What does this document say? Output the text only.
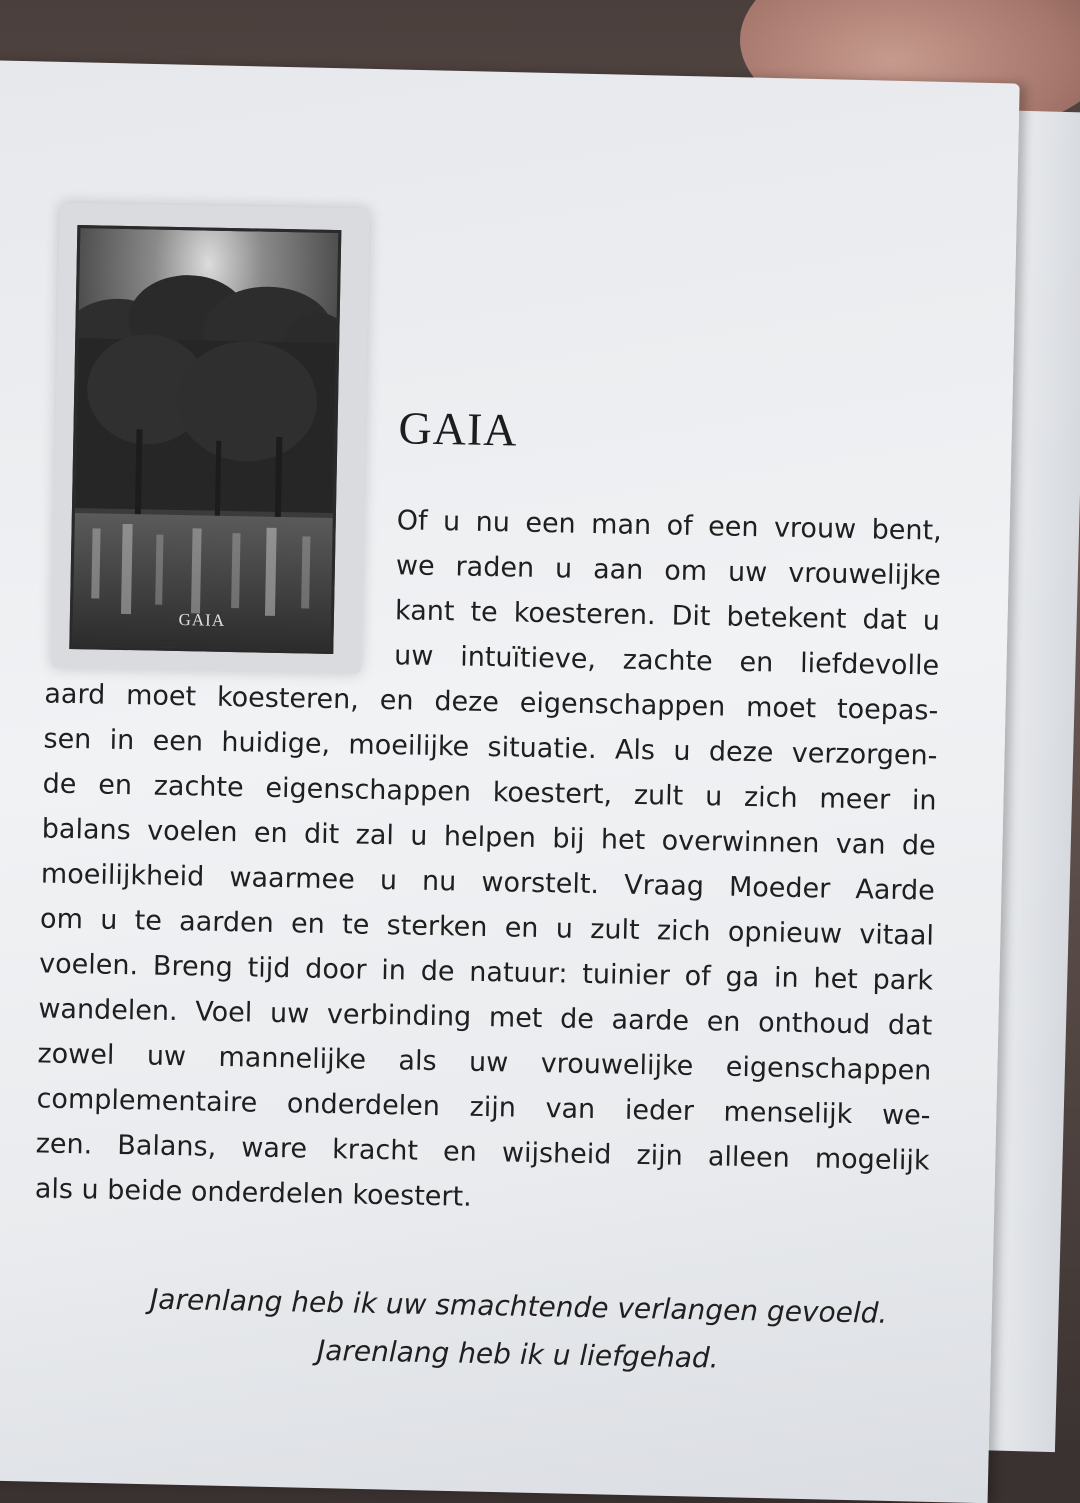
GAIA
GAIA

Of u nu een man of een vrouw bent,

we raden u aan om uw vrouwelijke

kant te koesteren. Dit betekent dat u

uw intuïtieve, zachte en liefdevolle

aard moet koesteren, en deze eigenschappen moet toepas-

sen in een huidige, moeilijke situatie. Als u deze verzorgen-

de en zachte eigenschappen koestert, zult u zich meer in

balans voelen en dit zal u helpen bij het overwinnen van de

moeilijkheid waarmee u nu worstelt. Vraag Moeder Aarde

om u te aarden en te sterken en u zult zich opnieuw vitaal

voelen. Breng tijd door in de natuur: tuinier of ga in het park

wandelen. Voel uw verbinding met de aarde en onthoud dat

zowel uw mannelijke als uw vrouwelijke eigenschappen

complementaire onderdelen zijn van ieder menselijk we-

zen. Balans, ware kracht en wijsheid zijn alleen mogelijk

als u beide onderdelen koestert.

Jarenlang heb ik uw smachtende verlangen gevoeld.

Jarenlang heb ik u liefgehad.
